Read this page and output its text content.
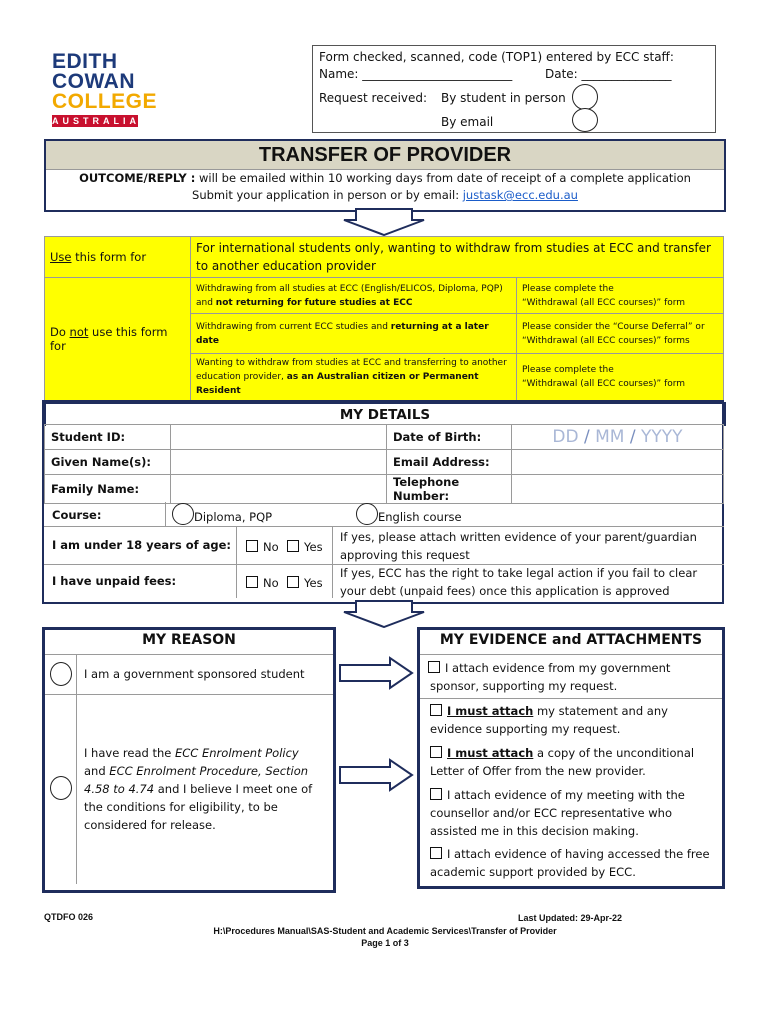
EDITH
COWAN
COLLEGE
AUSTRALIA
Form checked, scanned, code (TOP1) entered by ECC staff:
Name: _________________________	Date: _______________
Request received: By student in person
By email
TRANSFER OF PROVIDER
OUTCOME/REPLY : will be emailed within 10 working days from date of receipt of a complete application
Submit your application in person or by email: justask@ecc.edu.au
Use this form for	For international students only, wanting to withdraw from studies at ECC and transfer to another education provider	
Do not use this form for	Withdrawing from all studies at ECC (English/ELICOS, Diploma, PQP) and not returning for future studies at ECC	Please complete the
“Withdrawal (all ECC courses)” form

	Withdrawing from current ECC studies and returning at a later date	Please consider the “Course Deferral” or
“Withdrawal (all ECC courses)” forms

	Wanting to withdraw from studies at ECC and transferring to another education provider, as an Australian citizen or Permanent Resident	Please complete the
“Withdrawal (all ECC courses)” form
MY DETAILS
Student ID:		Date of Birth:	DD / MM / YYYY
Given Name(s):		Email Address:	
Family Name:		Telephone Number:	
Course:	Diploma, PQP	English course
I am under 18 years of age:	No	Yes
If yes, please attach written evidence of your parent/guardian approving this request
I have unpaid fees:	No	Yes
If yes, ECC has the right to take legal action if you fail to clear your debt (unpaid fees) once this application is approved
MY REASON
I am a government sponsored student
I have read the ECC Enrolment Policy and ECC Enrolment Procedure, Section 4.58 to 4.74 and I believe I meet one of the conditions for eligibility, to be considered for release.
MY EVIDENCE and ATTACHMENTS
I attach evidence from my government sponsor, supporting my request.
I must attach my statement and any evidence supporting my request.
I must attach a copy of the unconditional Letter of Offer from the new provider.
I attach evidence of my meeting with the counsellor and/or ECC representative who assisted me in this decision making.
I attach evidence of having accessed the free academic support provided by ECC.
QTDFO 026	Last Updated: 29-Apr-22
H:\Procedures Manual\SAS-Student and Academic Services\Transfer of Provider
Page 1 of 3
